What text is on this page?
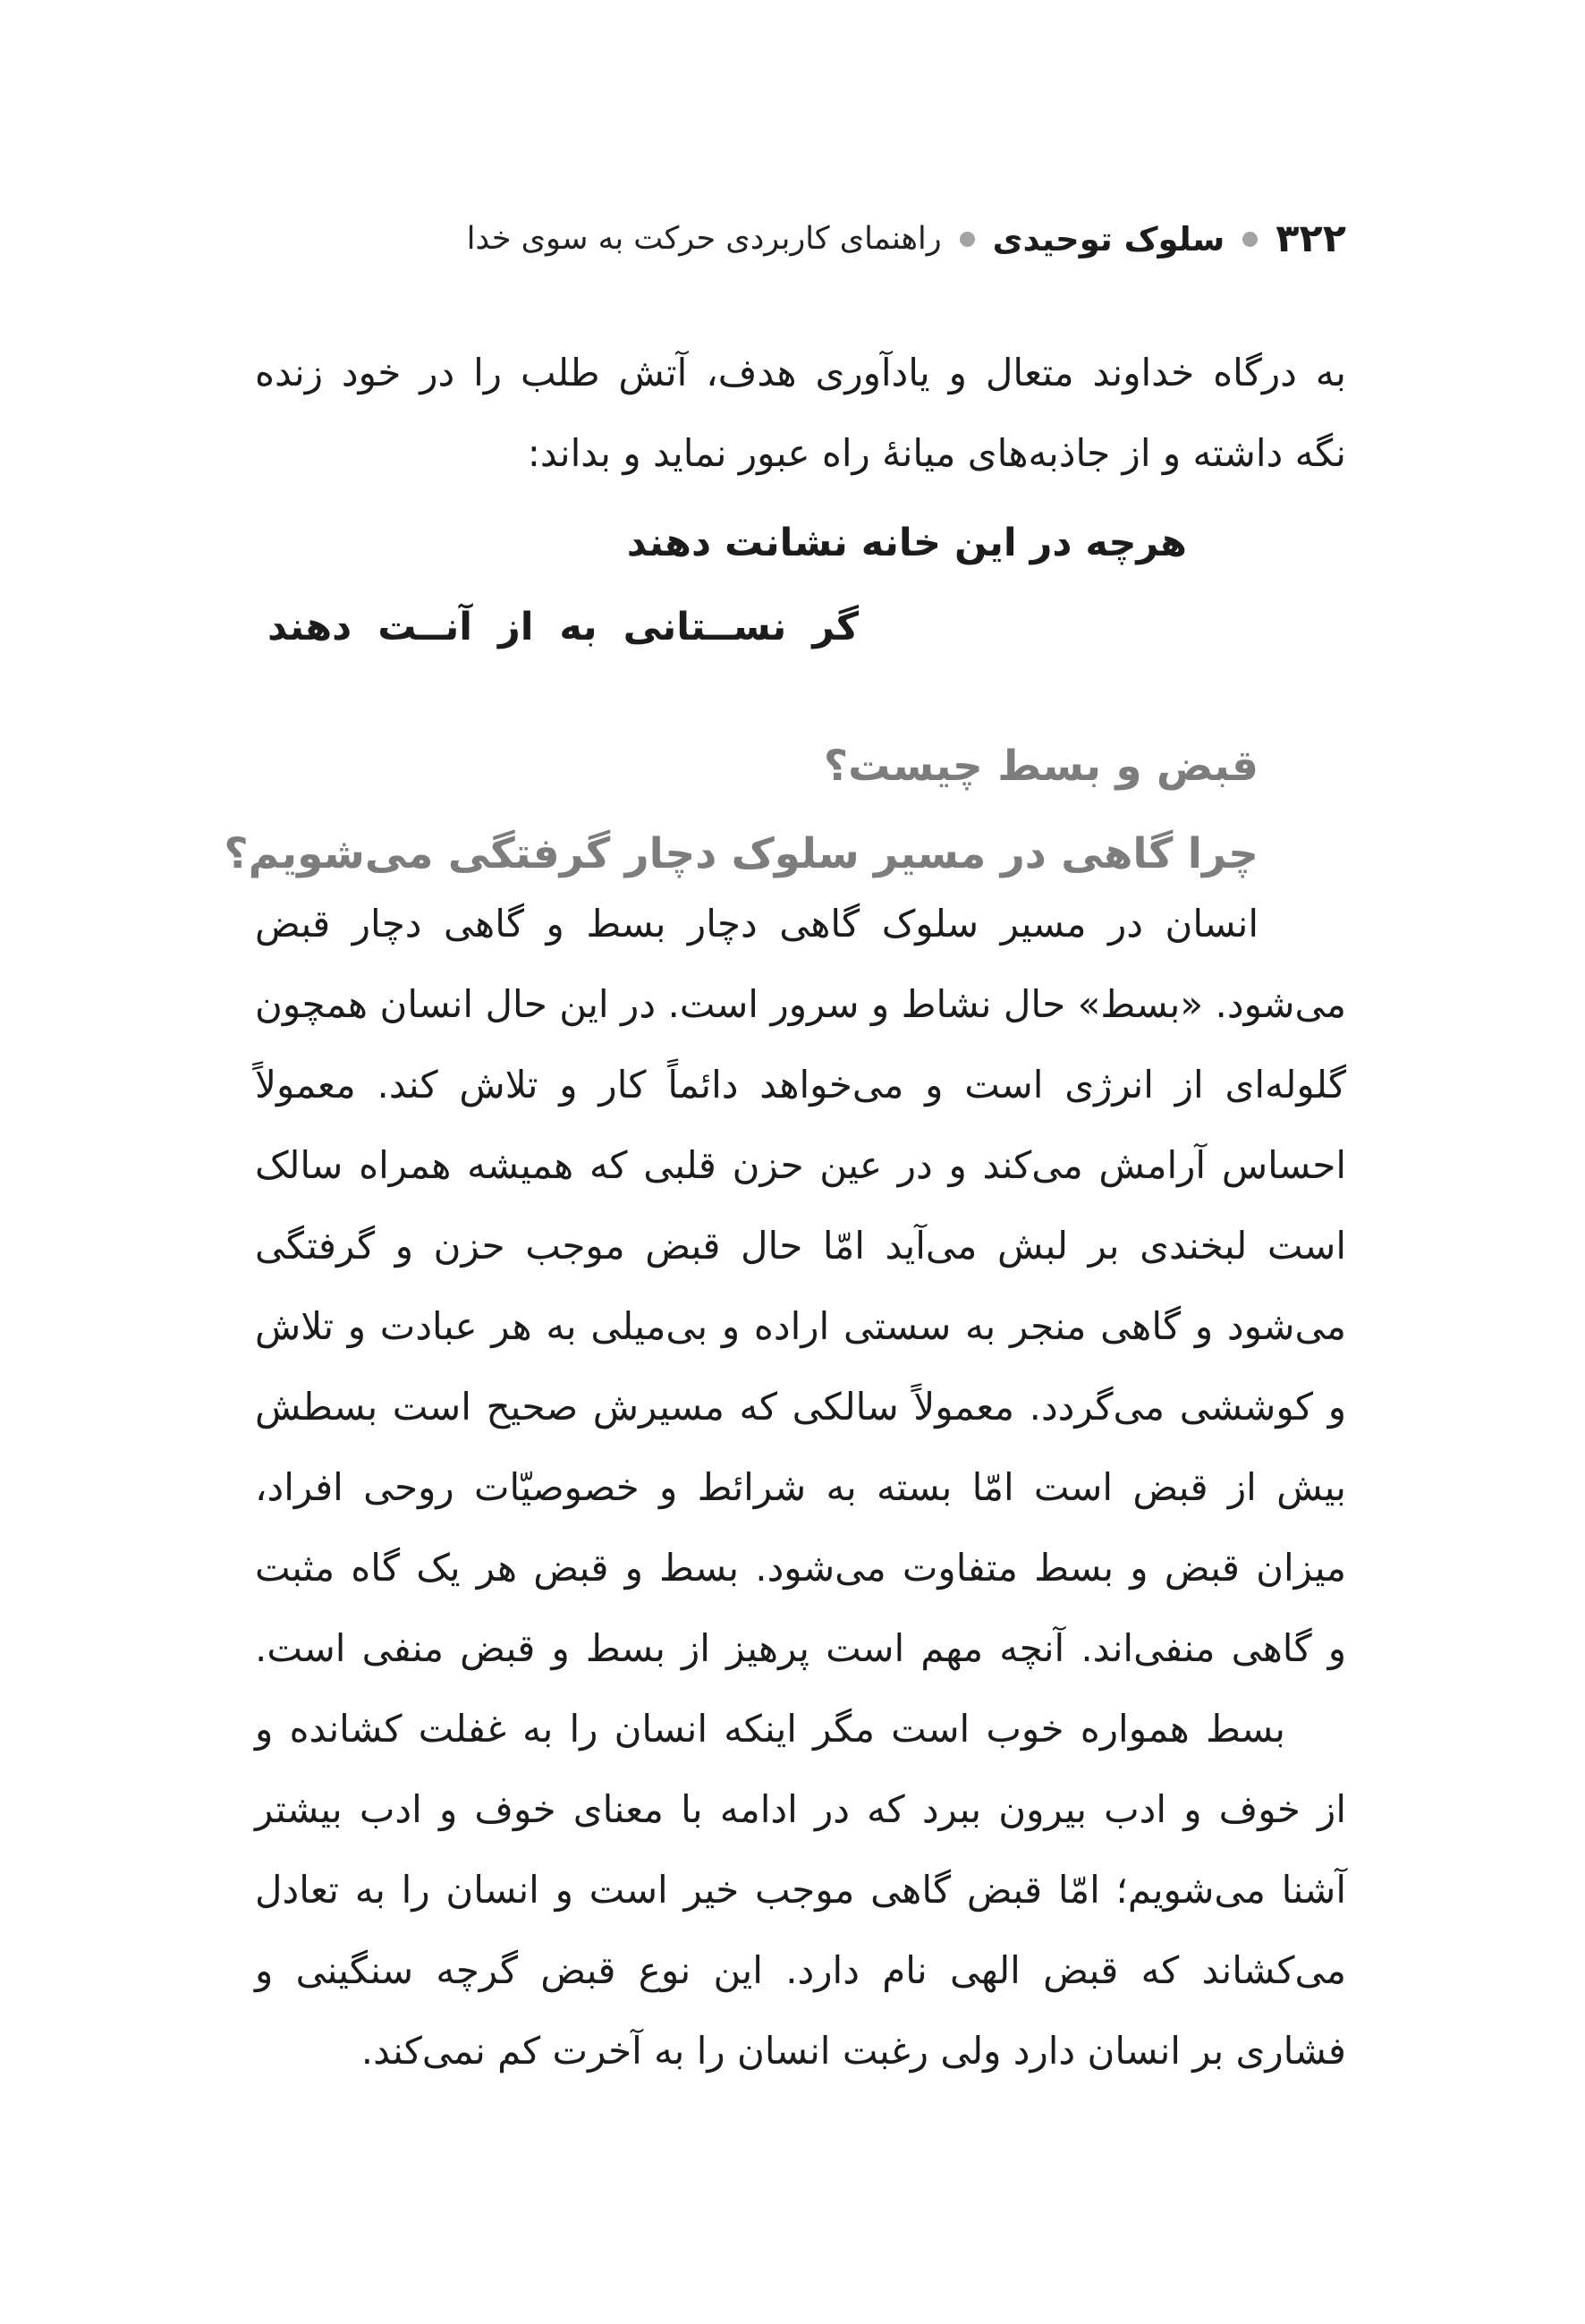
۳۲۲
سلوک توحیدی
راهنمای کاربردی حرکت به سوی خدا
به درگاه خداوند متعال و یادآوری هدف، آتش طلب را در خود زنده
نگه داشته و از جاذبه‌های میانهٔ راه عبور نماید و بداند:
هرچه در این خانه نشانت دهند
گر نســتانی به از آنــت دهند
قبض و بسط چیست؟
چرا گاهی در مسیر سلوک دچار گرفتگی می‌شویم؟
انسان در مسیر سلوک گاهی دچار بسط و گاهی دچار قبض
می‌شود. «بسط» حال نشاط و سرور است. در این حال انسان همچون
گلوله‌ای از انرژی است و می‌خواهد دائماً کار و تلاش کند. معمولاً
احساس آرامش می‌کند و در عین حزن قلبی که همیشه همراه سالک
است لبخندی بر لبش می‌آید امّا حال قبض موجب حزن و گرفتگی
می‌شود و گاهی منجر به سستی اراده و بی‌میلی به هر عبادت و تلاش
و کوششی می‌گردد. معمولاً سالکی که مسیرش صحیح است بسطش
بیش از قبض است امّا بسته به شرائط و خصوصیّات روحی افراد،
میزان قبض و بسط متفاوت می‌شود. بسط و قبض هر یک گاه مثبت
و گاهی منفی‌اند. آنچه مهم است پرهیز از بسط و قبض منفی است.
بسط همواره خوب است مگر اینکه انسان را به غفلت کشانده و
از خوف و ادب بیرون ببرد که در ادامه با معنای خوف و ادب بیشتر
آشنا می‌شویم؛ امّا قبض گاهی موجب خیر است و انسان را به تعادل
می‌کشاند که قبض الهی نام دارد. این نوع قبض گرچه سنگینی و
فشاری بر انسان دارد ولی رغبت انسان را به آخرت کم نمی‌کند.
